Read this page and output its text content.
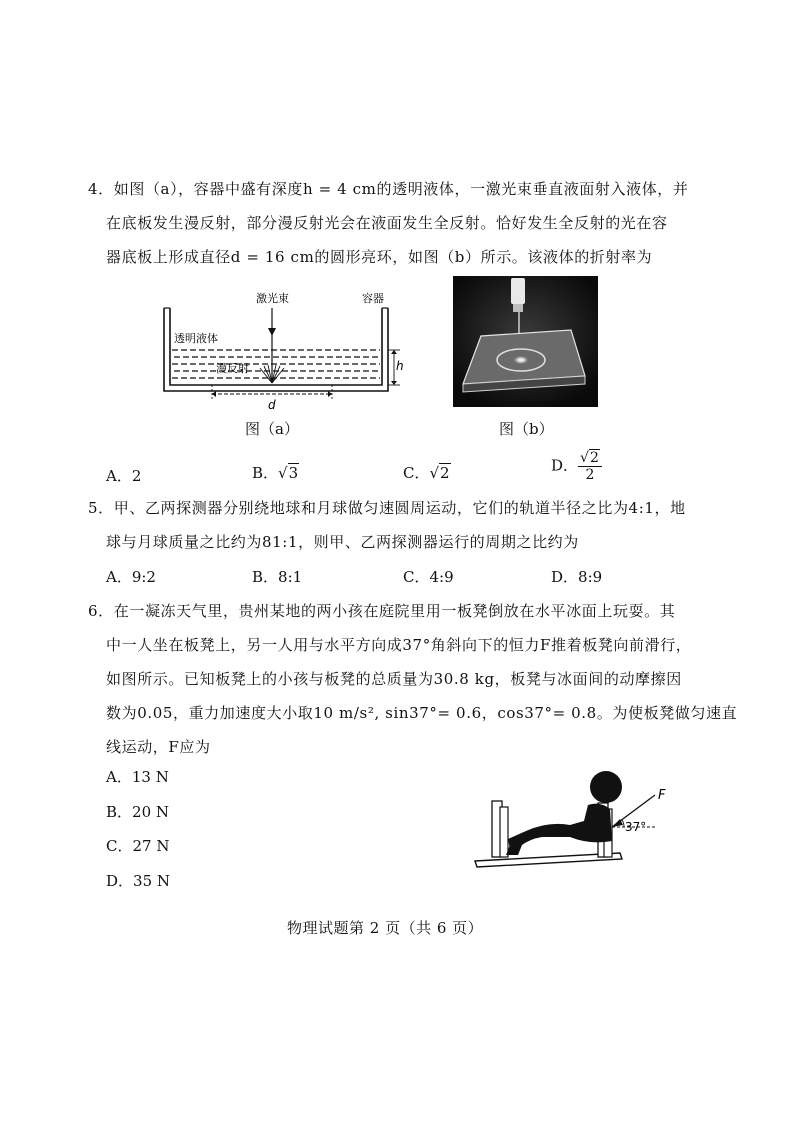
4．如图（a），容器中盛有深度h = 4 cm的透明液体，一激光束垂直液面射入液体，并
在底板发生漫反射，部分漫反射光会在液面发生全反射。恰好发生全反射的光在容
器底板上形成直径d = 16 cm的圆形亮环，如图（b）所示。该液体的折射率为
激光束	容器
透明液体
漫反射	h
d
图（a）	图（b）
A．2	B．√3	C．√2	D． $\frac{√2}{2}$
5．甲、乙两探测器分别绕地球和月球做匀速圆周运动，它们的轨道半径之比为4:1，地
球与月球质量之比约为81:1，则甲、乙两探测器运行的周期之比约为
A．9:2	B．8:1	C．4:9	D．8:9
6．在一凝冻天气里，贵州某地的两小孩在庭院里用一板凳倒放在水平冰面上玩耍。其
中一人坐在板凳上，另一人用与水平方向成37°角斜向下的恒力F推着板凳向前滑行，
如图所示。已知板凳上的小孩与板凳的总质量为30.8 kg，板凳与冰面间的动摩擦因
数为0.05，重力加速度大小取10 m/s², sin37°= 0.6，cos37°= 0.8。为使板凳做匀速直
线运动，F应为
A．13 N
B．20 N
C．27 N
D．35 N
F
37°
物理试题第 2 页（共 6 页）
